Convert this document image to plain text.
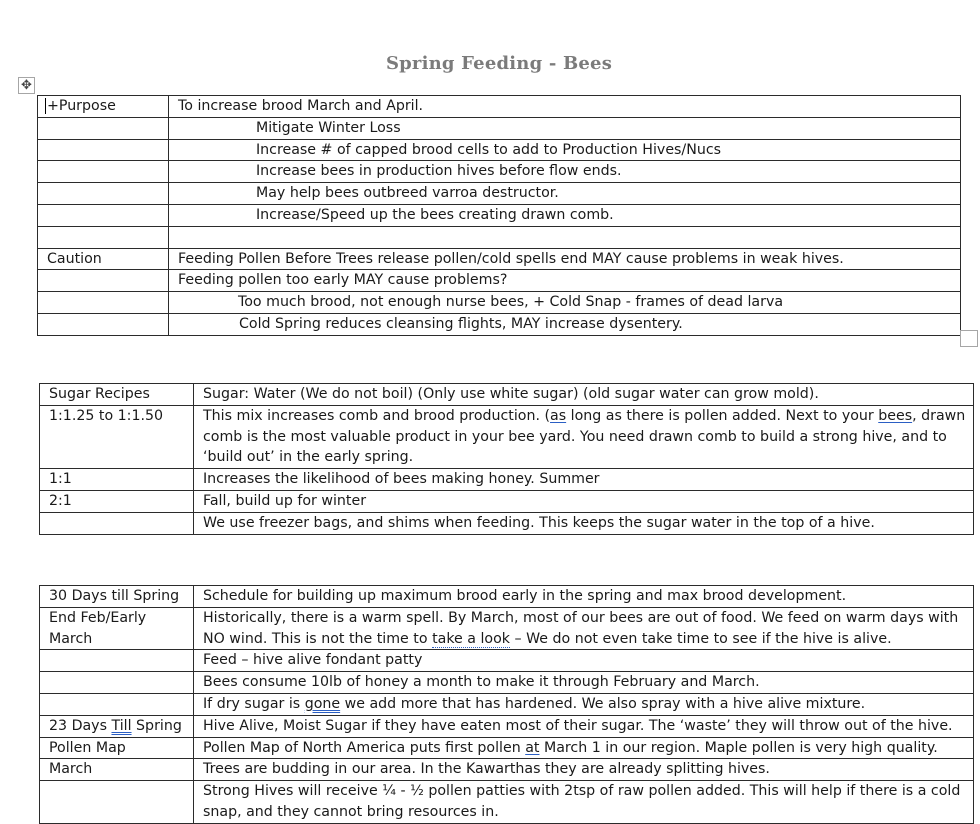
Spring Feeding - Bees
✥
+Purpose	To increase brood March and April.
	Mitigate Winter Loss
	Increase # of capped brood cells to add to Production Hives/Nucs
	Increase bees in production hives before flow ends.
	May help bees outbreed varroa destructor.
	Increase/Speed up the bees creating drawn comb.

Caution	Feeding Pollen Before Trees release pollen/cold spells end MAY cause problems in weak hives.
	Feeding pollen too early MAY cause problems?
	Too much brood, not enough nurse bees, + Cold Snap - frames of dead larva
	Cold Spring reduces cleansing flights, MAY increase dysentery.
Sugar Recipes	Sugar: Water (We do not boil) (Only use white sugar) (old sugar water can grow mold).
1:1.25 to 1:1.50	This mix increases comb and brood production. (as long as there is pollen added. Next to your bees, drawn comb is the most valuable product in your bee yard. You need drawn comb to build a strong hive, and to ‘build out’ in the early spring.
1:1	Increases the likelihood of bees making honey. Summer
2:1	Fall, build up for winter
	We use freezer bags, and shims when feeding. This keeps the sugar water in the top of a hive.
30 Days till Spring	Schedule for building up maximum brood early in the spring and max brood development.
End Feb/Early March	Historically, there is a warm spell. By March, most of our bees are out of food. We feed on warm days with NO wind. This is not the time to take a look – We do not even take time to see if the hive is alive.
	Feed – hive alive fondant patty
	Bees consume 10lb of honey a month to make it through February and March.
	If dry sugar is gone we add more that has hardened. We also spray with a hive alive mixture.
23 Days Till Spring	Hive Alive, Moist Sugar if they have eaten most of their sugar. The ‘waste’ they will throw out of the hive.
Pollen Map	Pollen Map of North America puts first pollen at March 1 in our region. Maple pollen is very high quality.
March	Trees are budding in our area. In the Kawarthas they are already splitting hives.
	Strong Hives will receive ¼ - ½ pollen patties with 2tsp of raw pollen added. This will help if there is a cold snap, and they cannot bring resources in.
